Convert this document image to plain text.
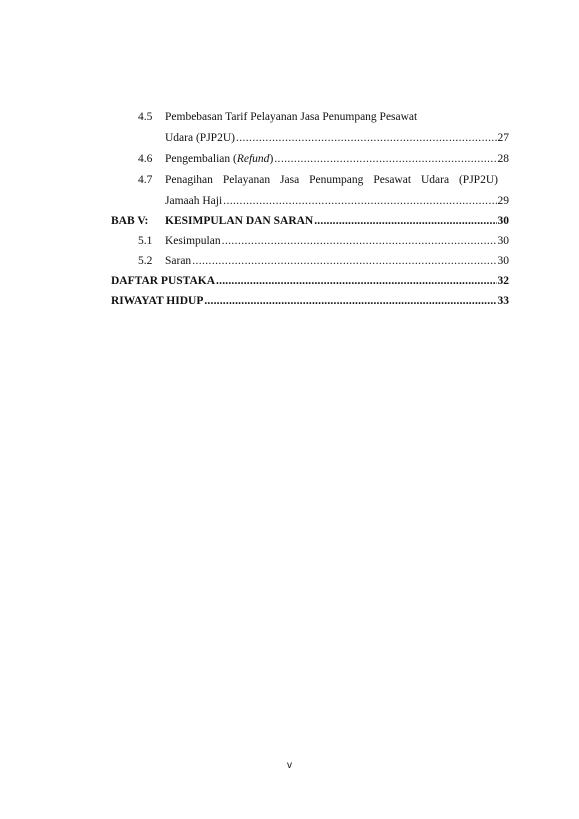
4.5	Pembebasan Tarif Pelayanan Jasa Penumpang Pesawat
Udara (PJP2U) .....	27
4.6	Pengembalian (Refund) .....	28
4.7	Penagihan Pelayanan Jasa Penumpang Pesawat Udara (PJP2U)
Jamaah Haji .....	29
BAB V:	KESIMPULAN DAN SARAN .....	30
5.1	Kesimpulan .....	30
5.2	Saran .....	30
DAFTAR PUSTAKA .....	32
RIWAYAT HIDUP .....	33
v
